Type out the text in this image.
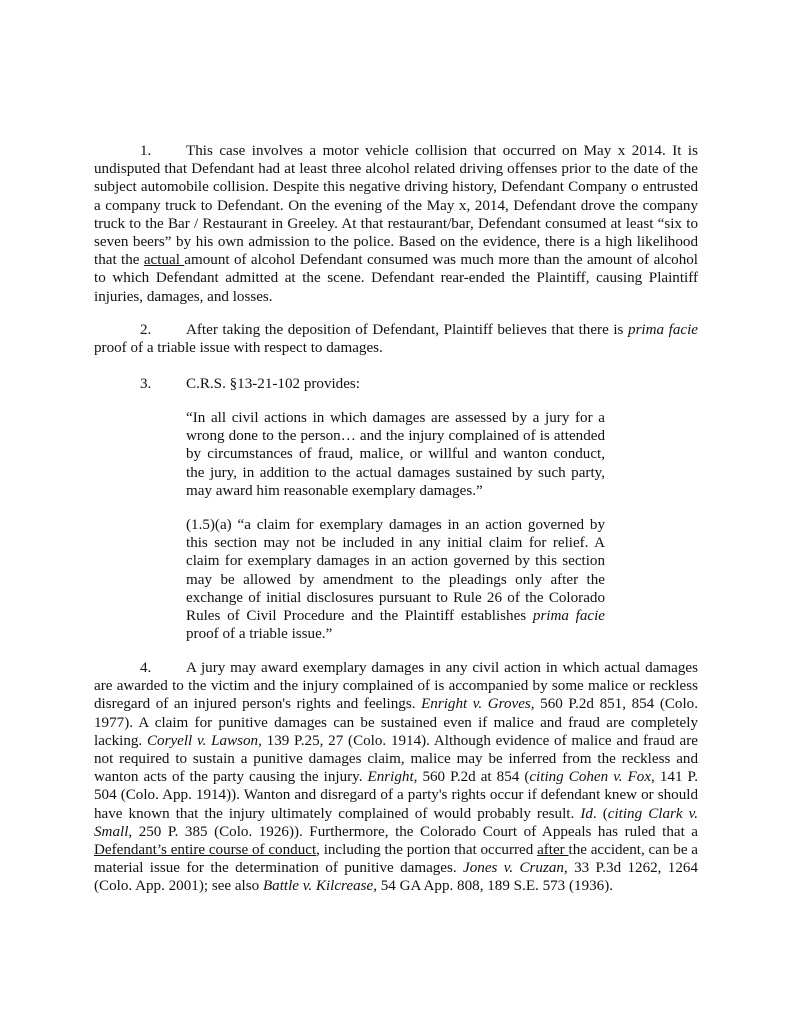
1. This case involves a motor vehicle collision that occurred on May x 2014. It is undisputed that Defendant had at least three alcohol related driving offenses prior to the date of the subject automobile collision. Despite this negative driving history, Defendant Company o entrusted a company truck to Defendant. On the evening of the May x, 2014, Defendant drove the company truck to the Bar / Restaurant in Greeley. At that restaurant/bar, Defendant consumed at least “six to seven beers” by his own admission to the police. Based on the evidence, there is a high likelihood that the actual amount of alcohol Defendant consumed was much more than the amount of alcohol to which Defendant admitted at the scene. Defendant rear-ended the Plaintiff, causing Plaintiff injuries, damages, and losses.

2. After taking the deposition of Defendant, Plaintiff believes that there is prima facie proof of a triable issue with respect to damages.

3. C.R.S. §13-21-102 provides:

“In all civil actions in which damages are assessed by a jury for a wrong done to the person… and the injury complained of is attended by circumstances of fraud, malice, or willful and wanton conduct, the jury, in addition to the actual damages sustained by such party, may award him reasonable exemplary damages.”

(1.5)(a) “a claim for exemplary damages in an action governed by this section may not be included in any initial claim for relief. A claim for exemplary damages in an action governed by this section may be allowed by amendment to the pleadings only after the exchange of initial disclosures pursuant to Rule 26 of the Colorado Rules of Civil Procedure and the Plaintiff establishes prima facie proof of a triable issue.”

4. A jury may award exemplary damages in any civil action in which actual damages are awarded to the victim and the injury complained of is accompanied by some malice or reckless disregard of an injured person's rights and feelings. Enright v. Groves, 560 P.2d 851, 854 (Colo. 1977). A claim for punitive damages can be sustained even if malice and fraud are completely lacking. Coryell v. Lawson, 139 P.25, 27 (Colo. 1914). Although evidence of malice and fraud are not required to sustain a punitive damages claim, malice may be inferred from the reckless and wanton acts of the party causing the injury. Enright, 560 P.2d at 854 (citing Cohen v. Fox, 141 P. 504 (Colo. App. 1914)). Wanton and disregard of a party's rights occur if defendant knew or should have known that the injury ultimately complained of would probably result. Id. (citing Clark v. Small, 250 P. 385 (Colo. 1926)). Furthermore, the Colorado Court of Appeals has ruled that a Defendant’s entire course of conduct, including the portion that occurred after the accident, can be a material issue for the determination of punitive damages. Jones v. Cruzan, 33 P.3d 1262, 1264 (Colo. App. 2001); see also Battle v. Kilcrease, 54 GA App. 808, 189 S.E. 573 (1936).
